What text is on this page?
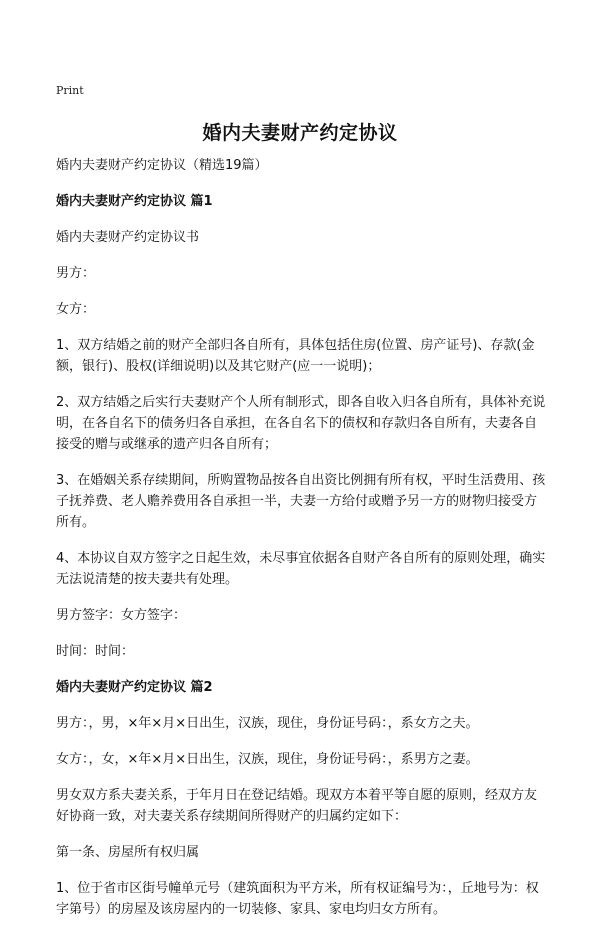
Print
婚内夫妻财产约定协议

婚内夫妻财产约定协议（精选19篇）

婚内夫妻财产约定协议 篇1

婚内夫妻财产约定协议书

男方：

女方：

1、双方结婚之前的财产全部归各自所有，具体包括住房(位置、房产证号)、存款(金额，银行)、股权(详细说明)以及其它财产(应一一说明)；

2、双方结婚之后实行夫妻财产个人所有制形式，即各自收入归各自所有，具体补充说明，在各自名下的债务归各自承担，在各自名下的债权和存款归各自所有，夫妻各自接受的赠与或继承的遗产归各自所有；

3、在婚姻关系存续期间，所购置物品按各自出资比例拥有所有权，平时生活费用、孩子抚养费、老人赡养费用各自承担一半，夫妻一方给付或赠予另一方的财物归接受方所有。

4、本协议自双方签字之日起生效，未尽事宜依据各自财产各自所有的原则处理，确实无法说清楚的按夫妻共有处理。

男方签字：女方签字：

时间：时间：

婚内夫妻财产约定协议 篇2

男方：，男，×年×月×日出生，汉族，现住，身份证号码：，系女方之夫。

女方：，女，×年×月×日出生，汉族，现住，身份证号码：，系男方之妻。

男女双方系夫妻关系，于年月日在登记结婚。现双方本着平等自愿的原则，经双方友好协商一致，对夫妻关系存续期间所得财产的归属约定如下：

第一条、房屋所有权归属

1、位于省市区街号幢单元号（建筑面积为平方米，所有权证编号为：，丘地号为：权字第号）的房屋及该房屋内的一切装修、家具、家电均归女方所有。
